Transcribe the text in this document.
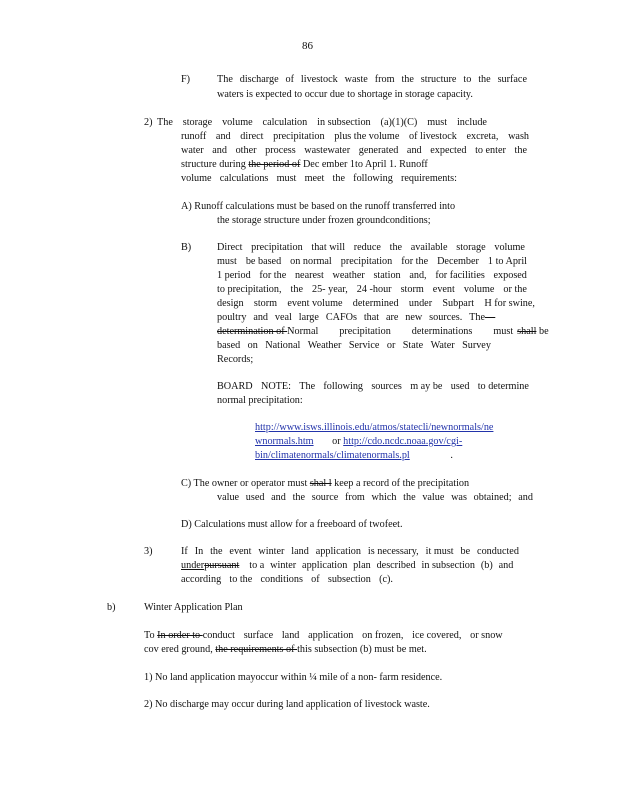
86
F)	The discharge of livestock waste from the structure to the surface
waters is expected to occur due to shortage in storage capacity.
2) The storage volume calculation in subsection (a)(1)(C) must include
runoff and direct precipitation plus the volume of livestock excreta, wash
water and other process wastewater generated and expected to enter the
structure during the period of Dec ember 1to April 1. Runoff
volume calculations must meet the following requirements:
A) Runoff calculations must be based on the runoff transferred into
the storage structure under frozen groundconditions;
B)	Direct precipitation that will reduce the available storage volume
must be based on normal precipitation for the December 1 to April
1 period for the nearest weather station and, for facilities exposed
to precipitation, the 25- year, 24 -hour storm event volume or the
design storm event volume determined under Subpart H for swine,
poultry and veal large CAFOs that are new sources. The —
determination of Normal precipitation determinations must shall be
based on National Weather Service or State Water Survey
Records;
BOARD NOTE: The following sources m ay be used to determine
normal precipitation:
http://www.isws.illinois.edu/atmos/statecli/newnormals/ne
wnormals.htm or http://cdo.ncdc.noaa.gov/cgi-
bin/climatenormals/climatenormals.pl	.
C) The owner or operator must shal l keep a record of the precipitation
value used and the source from which the value was obtained; and
D) Calculations must allow for a freeboard of twofeet.
3)	If In the event winter land application is necessary, it must be conducted
underpursuant to a winter application plan described in subsection (b) and
according to the conditions of subsection (c).
b)	Winter Application Plan
To In order to conduct surface land application on frozen, ice covered, or snow
cov ered ground, the requirements of this subsection (b) must be met.
1) No land application mayoccur within ¼ mile of a non- farm residence.
2) No discharge may occur during land application of livestock waste.
